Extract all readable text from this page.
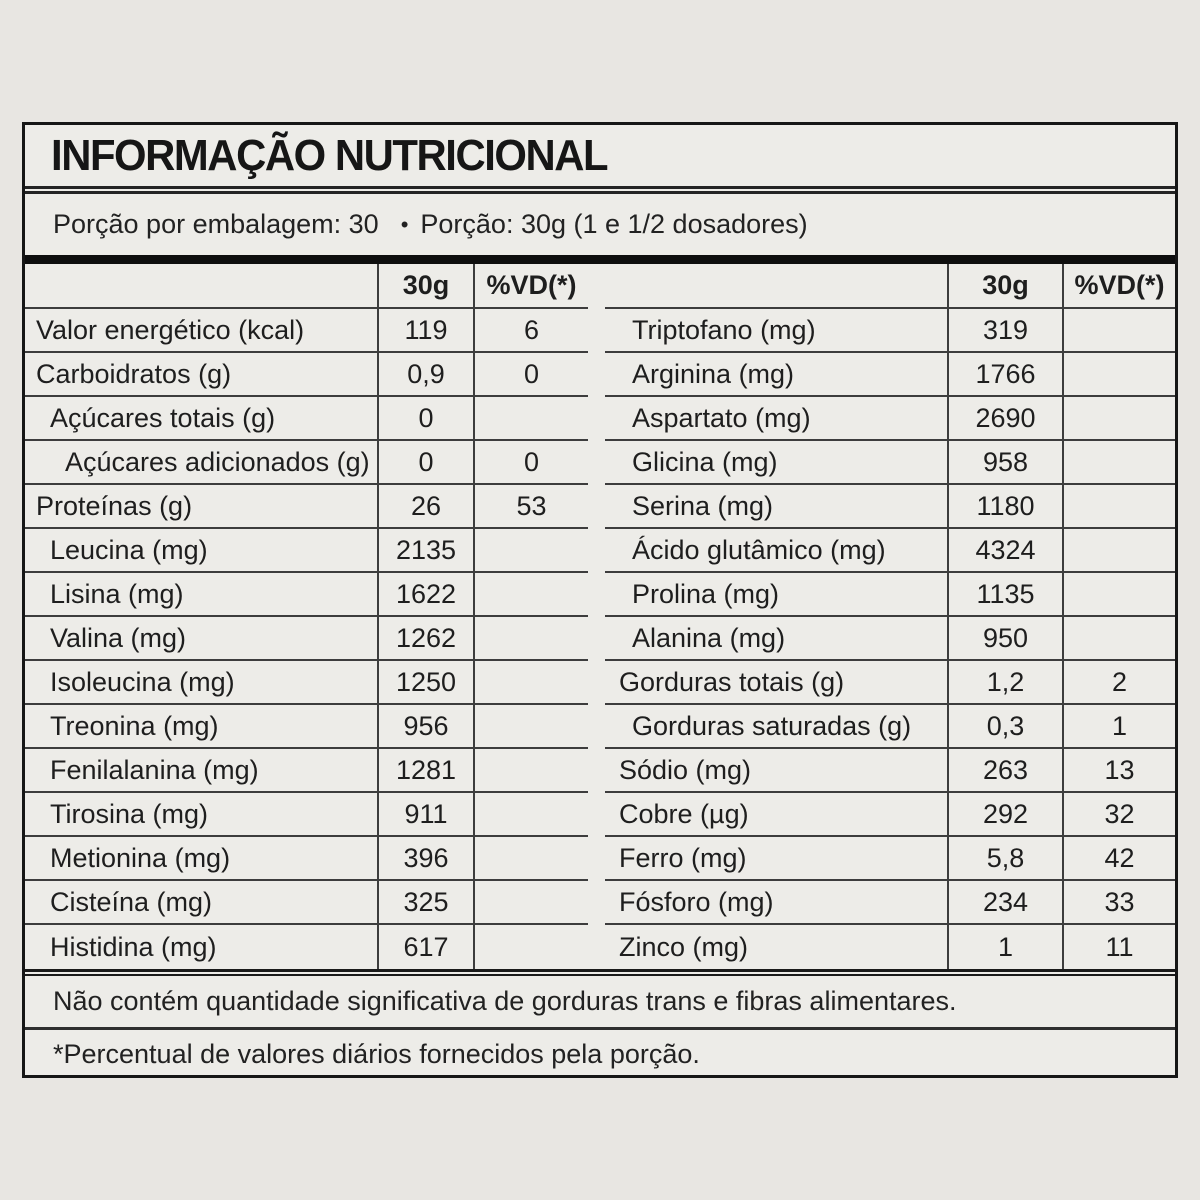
INFORMAÇÃO NUTRICIONAL
Porção por embalagem: 30 • Porção: 30g (1 e 1/2 dosadores)
30g	%VD(*)
Valor energético (kcal)	119	6
Carboidratos (g)	0,9	0
Açúcares totais (g)	0
Açúcares adicionados (g)	0	0
Proteínas (g)	26	53
Leucina (mg)	2135
Lisina (mg)	1622
Valina (mg)	1262
Isoleucina (mg)	1250
Treonina (mg)	956
Fenilalanina (mg)	1281
Tirosina (mg)	911
Metionina (mg)	396
Cisteína (mg)	325
Histidina (mg)	617
30g	%VD(*)
Triptofano (mg)	319
Arginina (mg)	1766
Aspartato (mg)	2690
Glicina (mg)	958
Serina (mg)	1180
Ácido glutâmico (mg)	4324
Prolina (mg)	1135
Alanina (mg)	950
Gorduras totais (g)	1,2	2
Gorduras saturadas (g)	0,3	1
Sódio (mg)	263	13
Cobre (µg)	292	32
Ferro (mg)	5,8	42
Fósforo (mg)	234	33
Zinco (mg)	1	11
Não contém quantidade significativa de gorduras trans e fibras alimentares.
*Percentual de valores diários fornecidos pela porção.
